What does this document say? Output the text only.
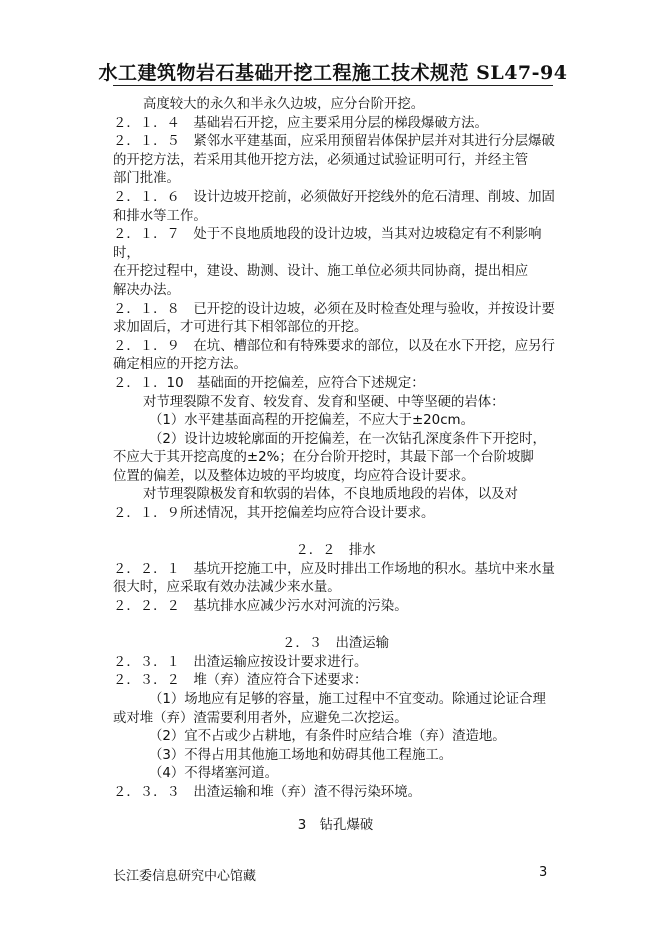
水工建筑物岩石基础开挖工程施工技术规范 SL47-94

高度较大的永久和半永久边坡，应分台阶开挖。

２．１．４　基础岩石开挖，应主要采用分层的梯段爆破方法。

２．１．５　紧邻水平建基面，应采用预留岩体保护层并对其进行分层爆破

的开挖方法，若采用其他开挖方法，必须通过试验证明可行，并经主管

部门批准。

２．１．６　设计边坡开挖前，必须做好开挖线外的危石清理、削坡、加固

和排水等工作。

２．１．７　处于不良地质地段的设计边坡，当其对边坡稳定有不利影响时，

在开挖过程中，建设、勘测、设计、施工单位必须共同协商，提出相应

解决办法。

２．１．８　已开挖的设计边坡，必须在及时检查处理与验收，并按设计要

求加固后，才可进行其下相邻部位的开挖。

２．１．９　在坑、槽部位和有特殊要求的部位，以及在水下开挖，应另行

确定相应的开挖方法。

２．１．10　基础面的开挖偏差，应符合下述规定：

对节理裂隙不发育、较发育、发育和坚硬、中等坚硬的岩体：

（1）水平建基面高程的开挖偏差，不应大于±20cm。

（2）设计边坡轮廓面的开挖偏差，在一次钻孔深度条件下开挖时，

不应大于其开挖高度的±2%；在分台阶开挖时，其最下部一个台阶坡脚

位置的偏差，以及整体边坡的平均坡度，均应符合设计要求。

对节理裂隙极发育和软弱的岩体，不良地质地段的岩体，以及对

２．１．９所述情况，其开挖偏差均应符合设计要求。

２．２　排水

２．２．１　基坑开挖施工中，应及时排出工作场地的积水。基坑中来水量

很大时，应采取有效办法减少来水量。

２．２．２　基坑排水应减少污水对河流的污染。

２．３　出渣运输

２．３．１　出渣运输应按设计要求进行。

２．３．２　堆（弃）渣应符合下述要求：

（1）场地应有足够的容量，施工过程中不宜变动。除通过论证合理

或对堆（弃）渣需要利用者外，应避免二次挖运。

（2）宜不占或少占耕地，有条件时应结合堆（弃）渣造地。

（3）不得占用其他施工场地和妨碍其他工程施工。

（4）不得堵塞河道。

２．３．３　出渣运输和堆（弃）渣不得污染环境。

3　钻孔爆破

长江委信息研究中心馆藏	3
